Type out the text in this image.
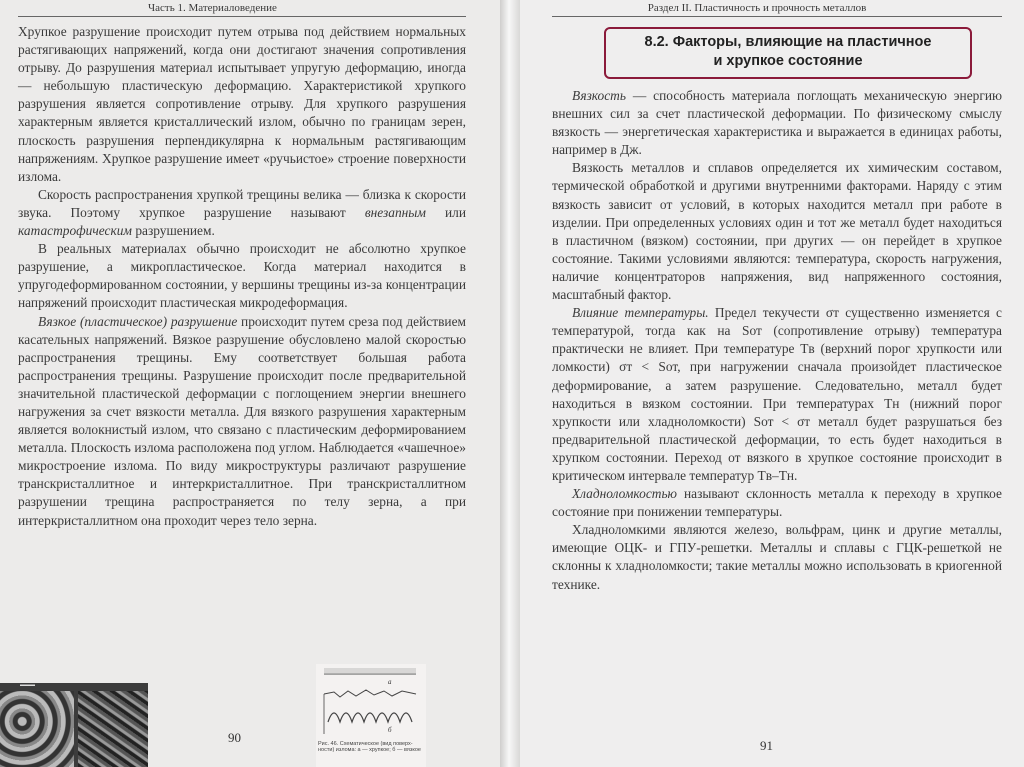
Часть 1. Материаловедение

Хрупкое разрушение происходит путем отрыва под действием нормальных растягивающих напряжений, когда они достигают значения сопротивления отрыву. До разрушения материал испытывает упругую деформацию, иногда — небольшую пластическую деформацию. Характеристикой хрупкого разрушения является сопротивление отрыву. Для хрупкого разрушения характерным является кристаллический излом, обычно по границам зерен, плоскость разрушения перпендикулярна к нормальным растягивающим напряжениям. Хрупкое разрушение имеет «ручьистое» строение поверхности излома.

Скорость распространения хрупкой трещины велика — близка к скорости звука. Поэтому хрупкое разрушение называют внезапным или катастрофическим разрушением.

В реальных материалах обычно происходит не абсолютно хрупкое разрушение, а микропластическое. Когда материал находится в упругодеформированном состоянии, у вершины трещины из-за концентрации напряжений происходит пластическая микродеформация.

Вязкое (пластическое) разрушение происходит путем среза под действием касательных напряжений. Вязкое разрушение обусловлено малой скоростью распространения трещины. Ему соответствует большая работа распространения трещины. Разрушение происходит после предварительной значительной пластической деформации с поглощением энергии внешнего нагружения за счет вязкости металла. Для вязкого разрушения характерным является волокнистый излом, что связано с пластическим деформированием металла. Плоскость излома расположена под углом. Наблюдается «чашечное» микростроение излома. По виду микроструктуры различают разрушение транскристаллитное и интеркристаллитное. При транскристаллитном разрушении трещина распространяется по телу зерна, а при интеркристаллитном она проходит через тело зерна.

▬▬▬	a
б
Рис. 46. Схематическое (вид поверх-ности) излома: а — хрупкое; б — вязкое
90
Раздел II. Пластичность и прочность металлов
8.2. Факторы, влияющие на пластичное
и хрупкое состояние

Вязкость — способность материала поглощать механическую энергию внешних сил за счет пластической деформации. По физическому смыслу вязкость — энергетическая характеристика и выражается в единицах работы, например в Дж.

Вязкость металлов и сплавов определяется их химическим составом, термической обработкой и другими внутренними факторами. Наряду с этим вязкость зависит от условий, в которых находится металл при работе в изделии. При определенных условиях один и тот же металл будет находиться в пластичном (вязком) состоянии, при других — он перейдет в хрупкое состояние. Такими условиями являются: температура, скорость нагружения, наличие концентраторов напряжения, вид напряженного состояния, масштабный фактор.

Влияние температуры. Предел текучести σт существенно изменяется с температурой, тогда как на Sот (сопротивление отрыву) температура практически не влияет. При температуре Tв (верхний порог хрупкости или ломкости) σт < Sот, при нагружении сначала произойдет пластическое деформирование, а затем разрушение. Следовательно, металл будет находиться в вязком состоянии. При температурах Tн (нижний порог хрупкости или хладноломкости) Sот < σт металл будет разрушаться без предварительной пластической деформации, то есть будет находиться в хрупком состоянии. Переход от вязкого в хрупкое состояние происходит в критическом интервале температур Tв–Tн.

Хладноломкостью называют склонность металла к переходу в хрупкое состояние при понижении температуры.

Хладноломкими являются железо, вольфрам, цинк и другие металлы, имеющие ОЦК- и ГПУ-решетки. Металлы и сплавы с ГЦК-решеткой не склонны к хладноломкости; такие металлы можно использовать в криогенной технике.

91
